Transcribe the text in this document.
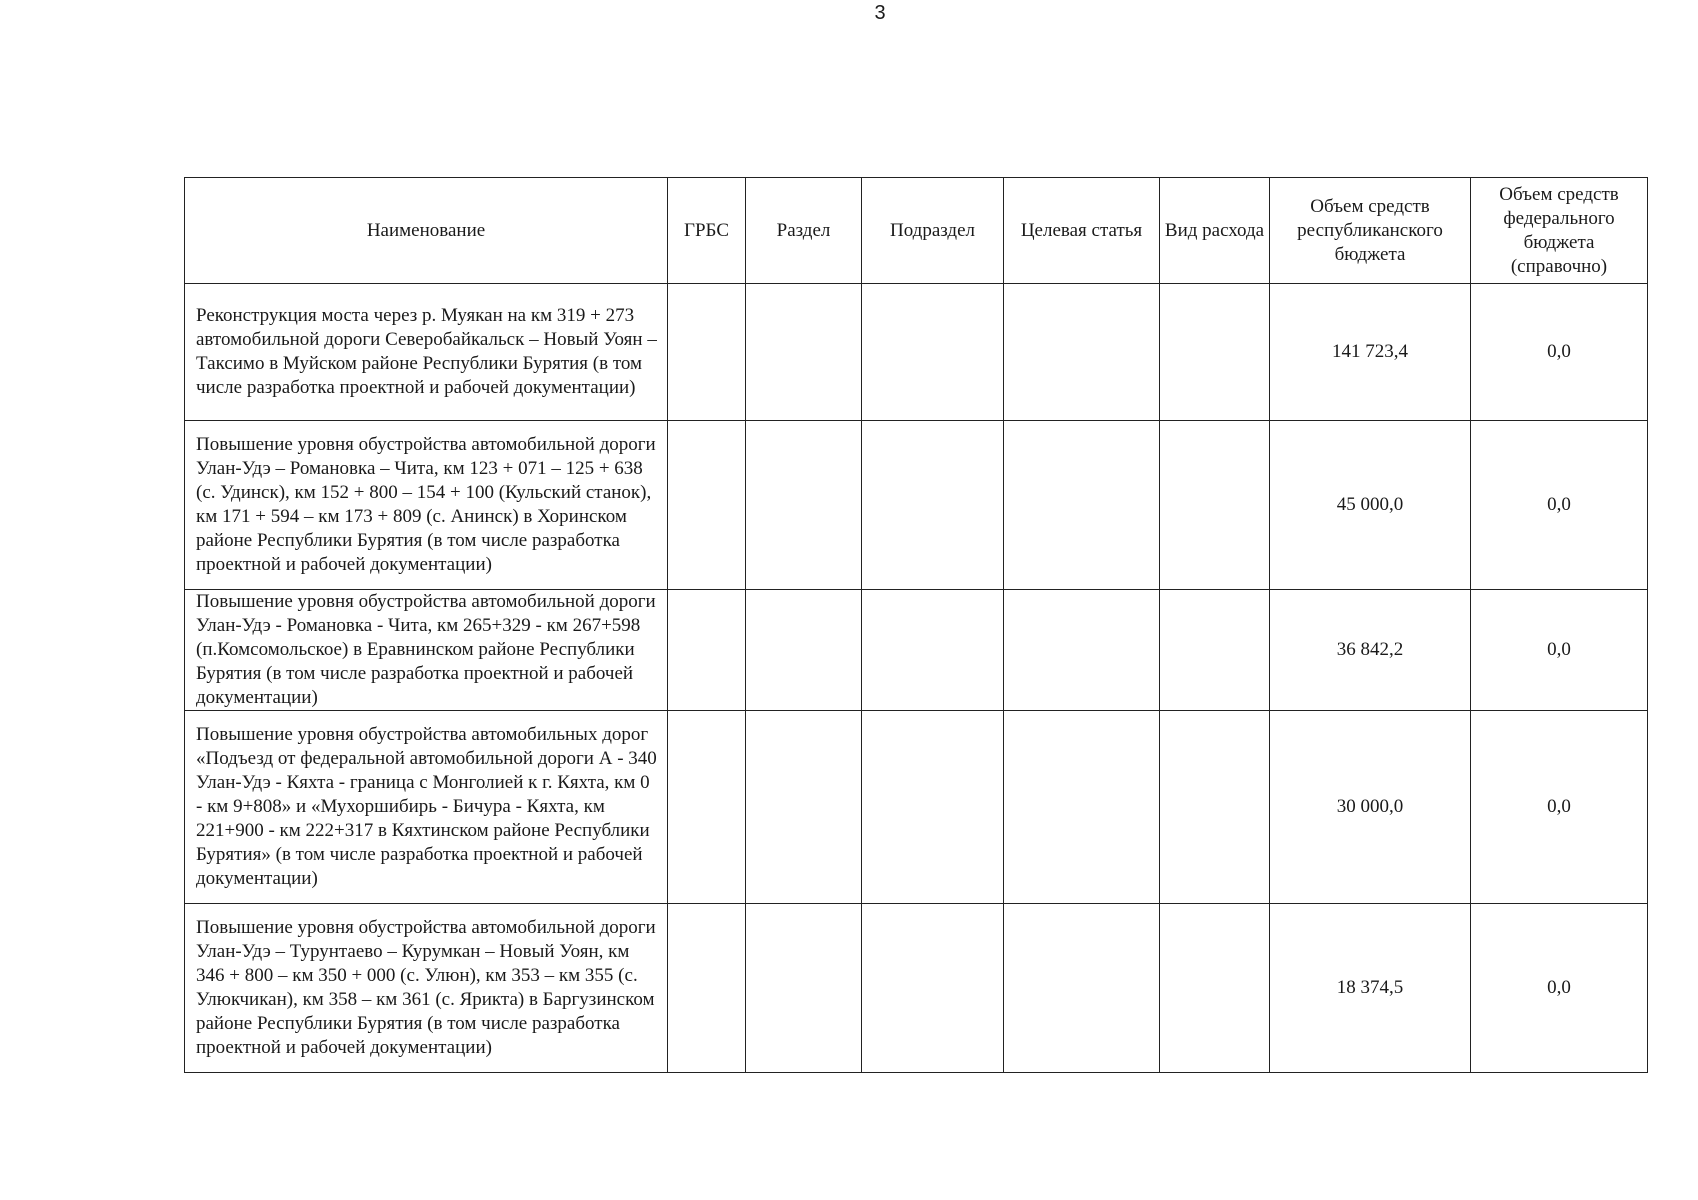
3
Наименование	ГРБС	Раздел	Подраздел	Целевая статья	Вид расхода	Объем средств республиканского бюджета	Объем средств федерального бюджета (справочно)
Реконструкция моста через р. Муякан на км 319 + 273 автомобильной дороги Северобайкальск – Новый Уоян – Таксимо в Муйском районе Республики Бурятия (в том числе разработка проектной и рабочей документации)						141 723,4	0,0
Повышение уровня обустройства автомобильной дороги Улан-Удэ – Романовка – Чита, км 123 + 071 – 125 + 638 (с. Удинск), км 152 + 800 – 154 + 100 (Кульский станок), км 171 + 594 – км 173 + 809 (с. Анинск) в Хоринском районе Республики Бурятия (в том числе разработка проектной и рабочей документации)						45 000,0	0,0
Повышение уровня обустройства автомобильной дороги Улан-Удэ - Романовка - Чита, км 265+329 - км 267+598 (п.Комсомольское) в Еравнинском районе Республики Бурятия (в том числе разработка проектной и рабочей документации)						36 842,2	0,0
Повышение уровня обустройства автомобильных дорог «Подъезд от федеральной автомобильной дороги А - 340 Улан-Удэ - Кяхта - граница с Монголией к г. Кяхта, км 0 - км 9+808» и «Мухоршибирь - Бичура - Кяхта, км 221+900 - км 222+317 в Кяхтинском районе Республики Бурятия» (в том числе разработка проектной и рабочей документации)						30 000,0	0,0
Повышение уровня обустройства автомобильной дороги Улан-Удэ – Турунтаево – Курумкан – Новый Уоян, км 346 + 800 – км 350 + 000 (с. Улюн), км 353 – км 355 (с. Улюкчикан), км 358 – км 361 (с. Ярикта) в Баргузинском районе Республики Бурятия (в том числе разработка проектной и рабочей документации)						18 374,5	0,0
